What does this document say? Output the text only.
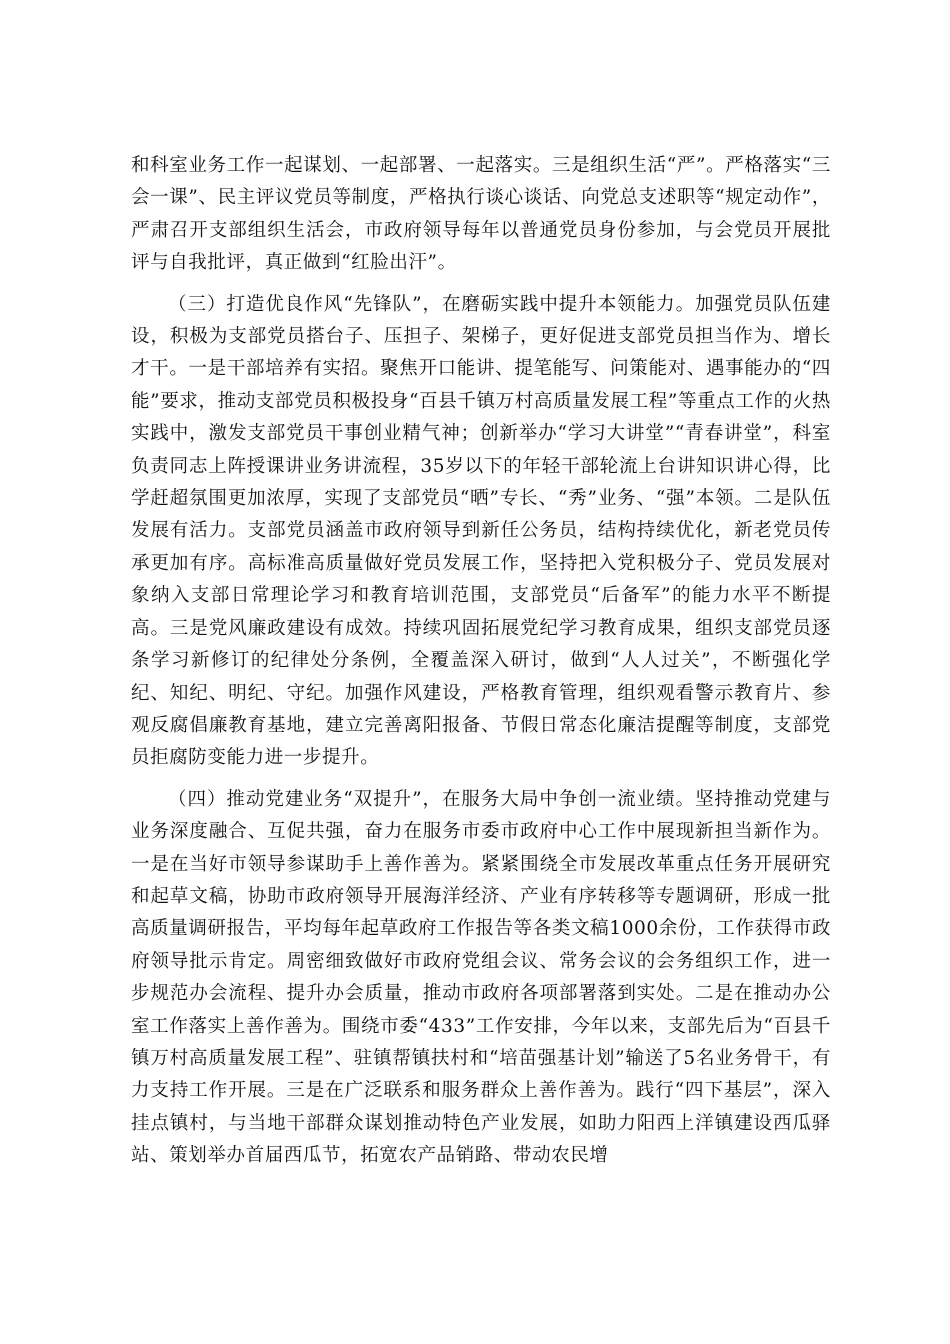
和科室业务工作一起谋划、一起部署、一起落实。三是组织生活“严”。严格落实“三会一课”、民主评议党员等制度，严格执行谈心谈话、向党总支述职等“规定动作”，严肃召开支部组织生活会，市政府领导每年以普通党员身份参加，与会党员开展批评与自我批评，真正做到“红脸出汗”。

（三）打造优良作风“先锋队”，在磨砺实践中提升本领能力。加强党员队伍建设，积极为支部党员搭台子、压担子、架梯子，更好促进支部党员担当作为、增长才干。一是干部培养有实招。聚焦开口能讲、提笔能写、问策能对、遇事能办的“四能”要求，推动支部党员积极投身“百县千镇万村高质量发展工程”等重点工作的火热实践中，激发支部党员干事创业精气神；创新举办“学习大讲堂”“青春讲堂”，科室负责同志上阵授课讲业务讲流程，35岁以下的年轻干部轮流上台讲知识讲心得，比学赶超氛围更加浓厚，实现了支部党员“晒”专长、“秀”业务、“强”本领。二是队伍发展有活力。支部党员涵盖市政府领导到新任公务员，结构持续优化，新老党员传承更加有序。高标准高质量做好党员发展工作，坚持把入党积极分子、党员发展对象纳入支部日常理论学习和教育培训范围，支部党员“后备军”的能力水平不断提高。三是党风廉政建设有成效。持续巩固拓展党纪学习教育成果，组织支部党员逐条学习新修订的纪律处分条例，全覆盖深入研讨，做到“人人过关”，不断强化学纪、知纪、明纪、守纪。加强作风建设，严格教育管理，组织观看警示教育片、参观反腐倡廉教育基地，建立完善离阳报备、节假日常态化廉洁提醒等制度，支部党员拒腐防变能力进一步提升。

（四）推动党建业务“双提升”，在服务大局中争创一流业绩。坚持推动党建与业务深度融合、互促共强，奋力在服务市委市政府中心工作中展现新担当新作为。一是在当好市领导参谋助手上善作善为。紧紧围绕全市发展改革重点任务开展研究和起草文稿，协助市政府领导开展海洋经济、产业有序转移等专题调研，形成一批高质量调研报告，平均每年起草政府工作报告等各类文稿1000余份，工作获得市政府领导批示肯定。周密细致做好市政府党组会议、常务会议的会务组织工作，进一步规范办会流程、提升办会质量，推动市政府各项部署落到实处。二是在推动办公室工作落实上善作善为。围绕市委“433”工作安排，今年以来，支部先后为“百县千镇万村高质量发展工程”、驻镇帮镇扶村和“培苗强基计划”输送了5名业务骨干，有力支持工作开展。三是在广泛联系和服务群众上善作善为。践行“四下基层”，深入挂点镇村，与当地干部群众谋划推动特色产业发展，如助力阳西上洋镇建设西瓜驿站、策划举办首届西瓜节，拓宽农产品销路、带动农民增
